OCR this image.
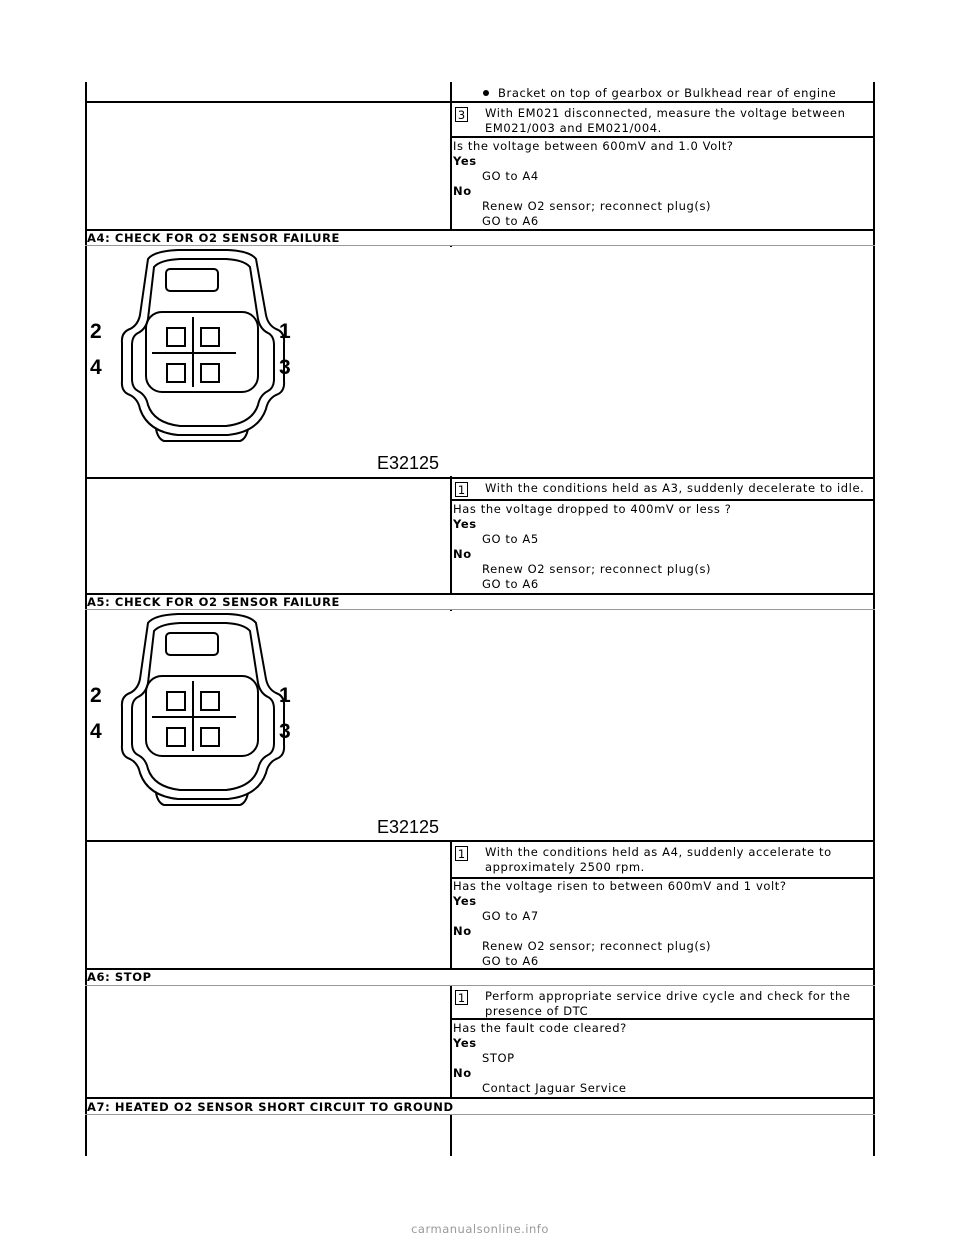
Bracket on top of gearbox or Bulkhead rear of engine
3 With EM021 disconnected, measure the voltage between
EM021/003 and EM021/004.
Is the voltage between 600mV and 1.0 Volt?
Yes
GO to A4
No
Renew O2 sensor; reconnect plug(s)
GO to A6
A4: CHECK FOR O2 SENSOR FAILURE
2
4
1
3
E32125
1 With the conditions held as A3, suddenly decelerate to idle.
Has the voltage dropped to 400mV or less ?
Yes
GO to A5
No
Renew O2 sensor; reconnect plug(s)
GO to A6
A5: CHECK FOR O2 SENSOR FAILURE
2
4
1
3
E32125
1 With the conditions held as A4, suddenly accelerate to
approximately 2500 rpm.
Has the voltage risen to between 600mV and 1 volt?
Yes
GO to A7
No
Renew O2 sensor; reconnect plug(s)
GO to A6
A6: STOP
1 Perform appropriate service drive cycle and check for the
presence of DTC
Has the fault code cleared?
Yes
STOP
No
Contact Jaguar Service
A7: HEATED O2 SENSOR SHORT CIRCUIT TO GROUND
carmanualsonline.info
